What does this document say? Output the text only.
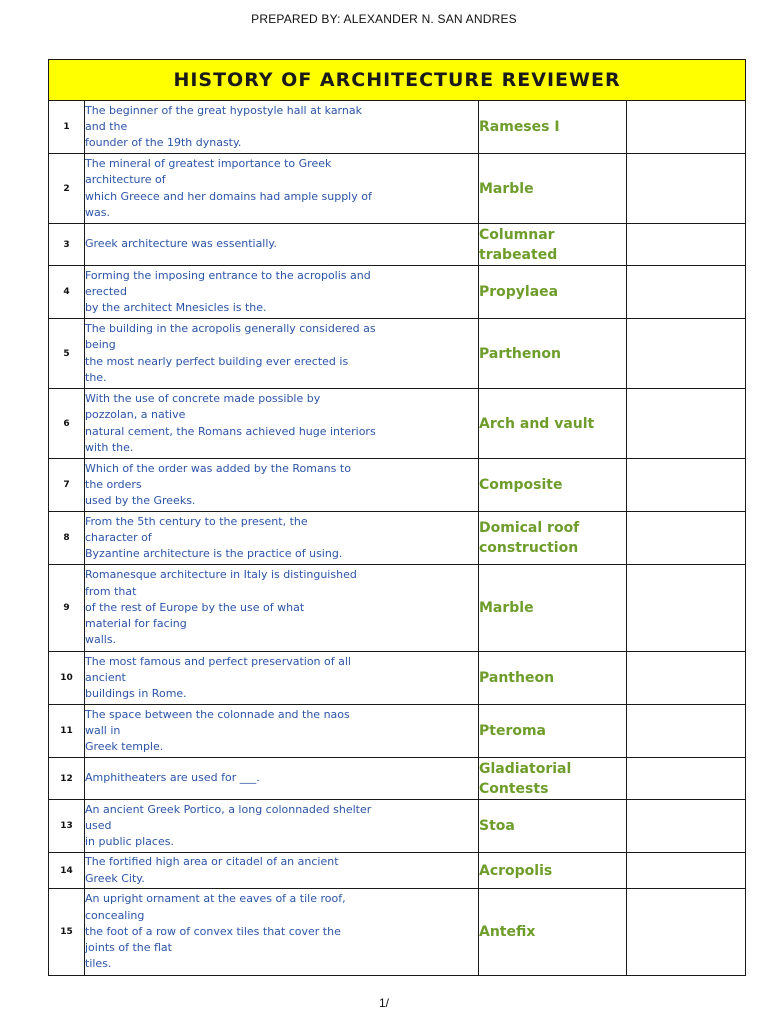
PREPARED BY: ALEXANDER N. SAN ANDRES
HISTORY OF ARCHITECTURE REVIEWER			
1	The beginner of the great hypostyle hall at karnak
and the
founder of the 19th dynasty.	Rameses I	
2	The mineral of greatest importance to Greek
architecture of
which Greece and her domains had ample supply of
was.	Marble	
3	Greek architecture was essentially.	Columnar trabeated	
4	Forming the imposing entrance to the acropolis and
erected
by the architect Mnesicles is the.	Propylaea	
5	The building in the acropolis generally considered as
being
the most nearly perfect building ever erected is
the.	Parthenon	
6	With the use of concrete made possible by
pozzolan, a native
natural cement, the Romans achieved huge interiors
with the.	Arch and vault	
7	Which of the order was added by the Romans to
the orders
used by the Greeks.	Composite	
8	From the 5th century to the present, the
character of
Byzantine architecture is the practice of using.	Domical roof construction	
9	Romanesque architecture in Italy is distinguished
from that
of the rest of Europe by the use of what
material for facing
walls.	Marble	
10	The most famous and perfect preservation of all
ancient
buildings in Rome.	Pantheon	
11	The space between the colonnade and the naos
wall in
Greek temple.	Pteroma	
12	Amphitheaters are used for ___.	Gladiatorial Contests	
13	An ancient Greek Portico, a long colonnaded shelter
used
in public places.	Stoa	
14	The fortified high area or citadel of an ancient
Greek City.	Acropolis	
15	An upright ornament at the eaves of a tile roof,
concealing
the foot of a row of convex tiles that cover the
joints of the flat
tiles.	Antefix	
1/
